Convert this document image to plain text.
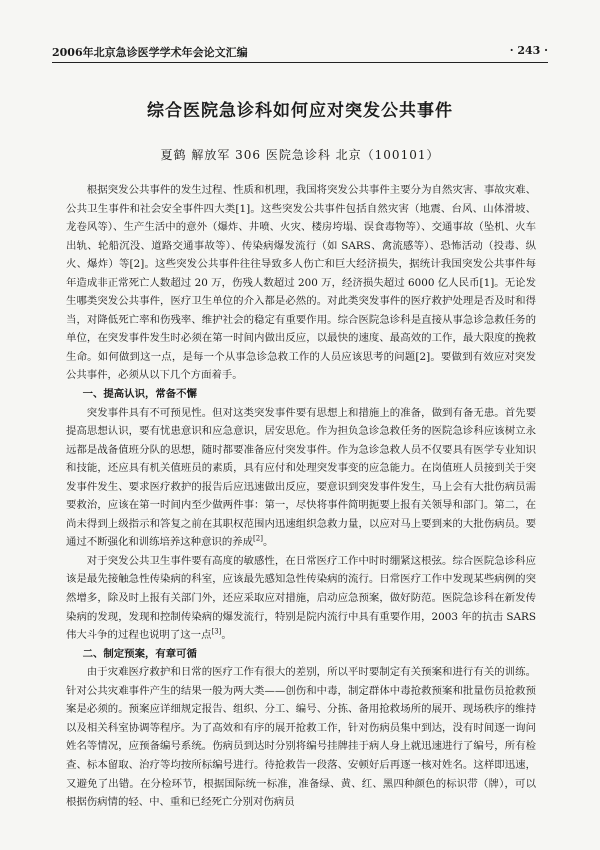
2006年北京急诊医学学术年会论文汇编	· 243 ·
综合医院急诊科如何应对突发公共事件
夏鹤 解放军 306 医院急诊科 北京（100101）

根据突发公共事件的发生过程、性质和机理，我国将突发公共事件主要分为自然灾害、事故灾难、公共卫生事件和社会安全事件四大类[1]。这些突发公共事件包括自然灾害（地震、台风、山体滑坡、龙卷风等）、生产生活中的意外（爆炸、井喷、火灾、楼房垮塌、误食毒物等）、交通事故（坠机、火车出轨、轮船沉没、道路交通事故等）、传染病爆发流行（如 SARS、禽流感等）、恐怖活动（投毒、纵火、爆炸）等[2]。这些突发公共事件往往导致多人伤亡和巨大经济损失，据统计我国突发公共事件每年造成非正常死亡人数超过 20 万，伤残人数超过 200 万，经济损失超过 6000 亿人民币[1]。无论发生哪类突发公共事件，医疗卫生单位的介入都是必然的。对此类突发事件的医疗救护处理是否及时和得当，对降低死亡率和伤残率、维护社会的稳定有重要作用。综合医院急诊科是直接从事急诊急救任务的单位，在突发事件发生时必须在第一时间内做出反应，以最快的速度、最高效的工作，最大限度的挽救生命。如何做到这一点，是每一个从事急诊急救工作的人员应该思考的问题[2]。要做到有效应对突发公共事件，必须从以下几个方面着手。

一、提高认识，常备不懈

突发事件具有不可预见性。但对这类突发事件要有思想上和措施上的准备，做到有备无患。首先要提高思想认识，要有忧患意识和应急意识，居安思危。作为担负急诊急救任务的医院急诊科应该树立永远都是战备值班分队的思想，随时都要准备应付突发事件。作为急诊急救人员不仅要具有医学专业知识和技能，还应具有机关值班员的素质，具有应付和处理突发事变的应急能力。在岗值班人员接到关于突发事件发生、要求医疗救护的报告后应迅速做出反应，要意识到突发事件发生，马上会有大批伤病员需要救治，应该在第一时间内至少做两件事：第一，尽快将事件简明扼要上报有关领导和部门。第二，在尚未得到上级指示和答复之前在其职权范围内迅速组织急救力量，以应对马上要到来的大批伤病员。要通过不断强化和训练培养这种意识的养成[2]。

对于突发公共卫生事件要有高度的敏感性，在日常医疗工作中时时绷紧这根弦。综合医院急诊科应该是最先接触急性传染病的科室，应该最先感知急性传染病的流行。日常医疗工作中发现某些病例的突然增多，除及时上报有关部门外，还应采取应对措施，启动应急预案，做好防范。医院急诊科在新发传染病的发现，发现和控制传染病的爆发流行，特别是院内流行中具有重要作用，2003 年的抗击 SARS 伟大斗争的过程也说明了这一点[3]。

二、制定预案，有章可循

由于灾难医疗救护和日常的医疗工作有很大的差别，所以平时要制定有关预案和进行有关的训练。针对公共灾难事件产生的结果一般为两大类——创伤和中毒，制定群体中毒抢救预案和批量伤员抢救预案是必须的。预案应详细规定报告、组织、分工、编号、分拣、备用抢救场所的展开、现场秩序的维持以及相关科室协调等程序。为了高效和有序的展开抢救工作，针对伤病员集中到达，没有时间逐一询问姓名等情况，应预备编号系统。伤病员到达时分别将编号挂牌挂于病人身上就迅速进行了编号，所有检查、标本留取、治疗等均按所标编号进行。待抢救告一段落、安顿好后再逐一核对姓名。这样即迅速，又避免了出错。在分检环节，根据国际统一标准，准备绿、黄、红、黑四种颜色的标识带（牌），可以根据伤病情的轻、中、重和已经死亡分别对伤病员
